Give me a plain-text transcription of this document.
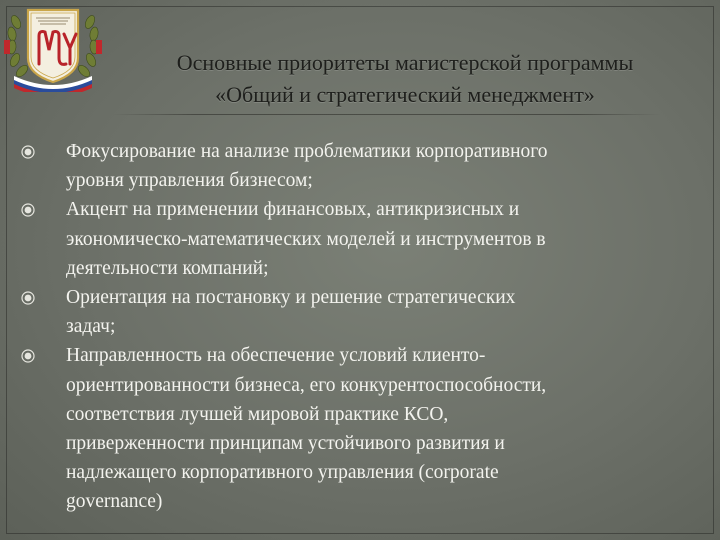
Основные приоритеты магистерской программы
«Общий и стратегический менеджмент»
Фокусирование на анализе проблематики корпоративного
уровня управления бизнесом;
Акцент на применении финансовых, антикризисных и
экономическо-математических моделей и инструментов в
деятельности компаний;
Ориентация на постановку и решение стратегических
задач;
Направленность на обеспечение условий клиенто-
ориентированности бизнеса, его конкурентоспособности,
соответствия лучшей мировой практике КСО,
приверженности принципам устойчивого развития и
надлежащего корпоративного управления (corporate
governance)
